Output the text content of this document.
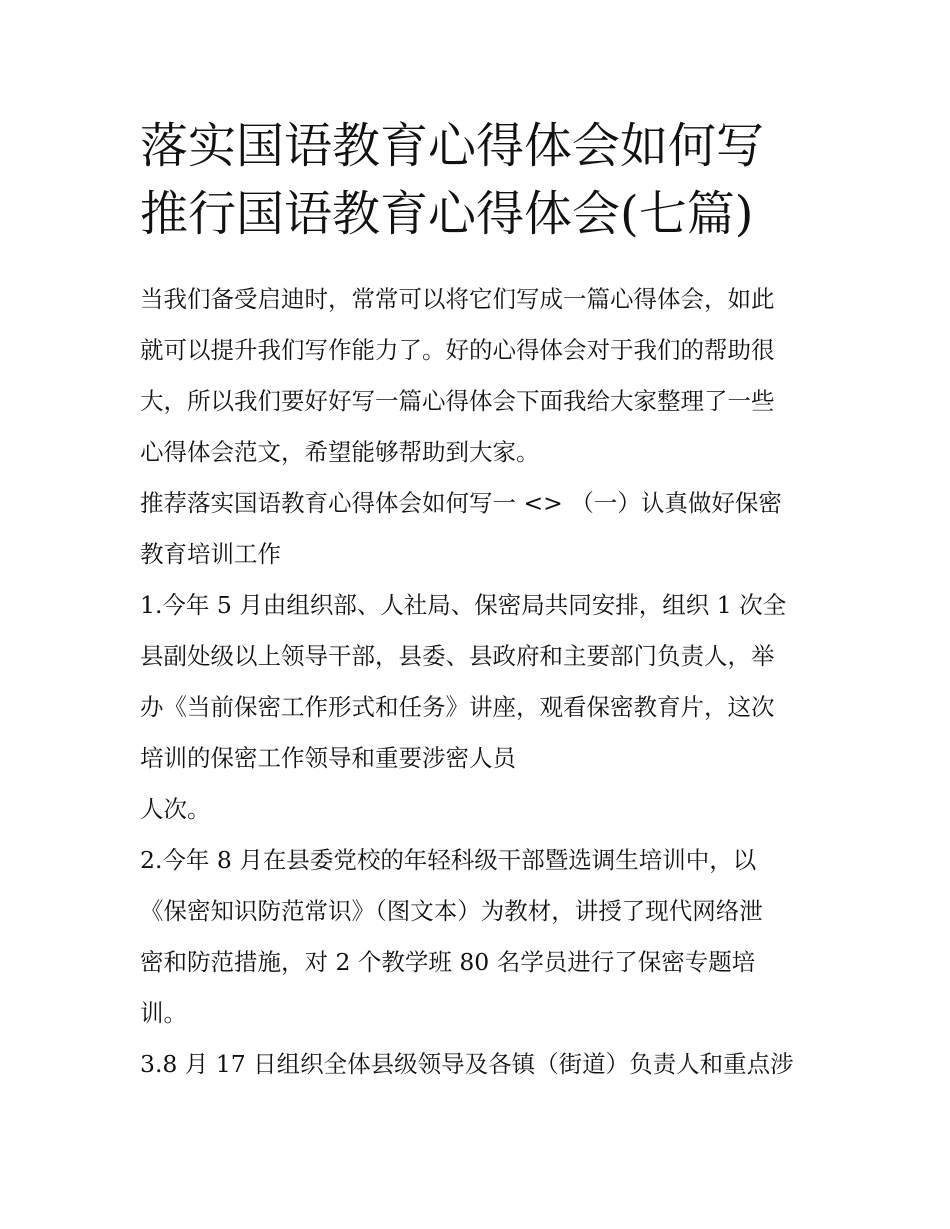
落实国语教育心得体会如何写
推行国语教育心得体会(七篇)

当我们备受启迪时，常常可以将它们写成一篇心得体会，如此
就可以提升我们写作能力了。好的心得体会对于我们的帮助很
大，所以我们要好好写一篇心得体会下面我给大家整理了一些
心得体会范文，希望能够帮助到大家。

推荐落实国语教育心得体会如何写一 <> （一）认真做好保密
教育培训工作

1.今年 5 月由组织部、人社局、保密局共同安排，组织 1 次全
县副处级以上领导干部，县委、县政府和主要部门负责人，举
办《当前保密工作形式和任务》讲座，观看保密教育片，这次
培训的保密工作领导和重要涉密人员
人次。

2.今年 8 月在县委党校的年轻科级干部暨选调生培训中，以
《保密知识防范常识》（图文本）为教材，讲授了现代网络泄
密和防范措施，对 2 个教学班 80 名学员进行了保密专题培
训。

3.8 月 17 日组织全体县级领导及各镇（街道）负责人和重点涉
